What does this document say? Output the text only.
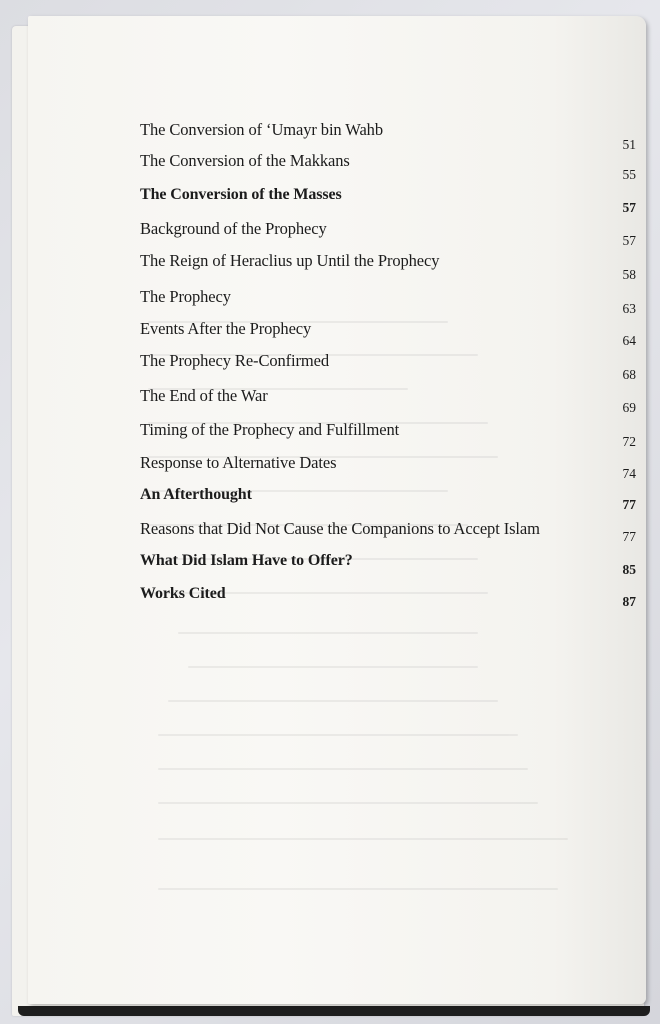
The Conversion of ‘Umayr bin Wahb
51
The Conversion of the Makkans
55
The Conversion of the Masses
57
Background of the Prophecy
57
The Reign of Heraclius up Until the Prophecy
58
The Prophecy
63
Events After the Prophecy
64
The Prophecy Re-Confirmed
68
The End of the War
69
Timing of the Prophecy and Fulfillment
72
Response to Alternative Dates
74
An Afterthought
77
Reasons that Did Not Cause the Companions to Accept Islam	77
What Did Islam Have to Offer?
85
Works Cited	87
